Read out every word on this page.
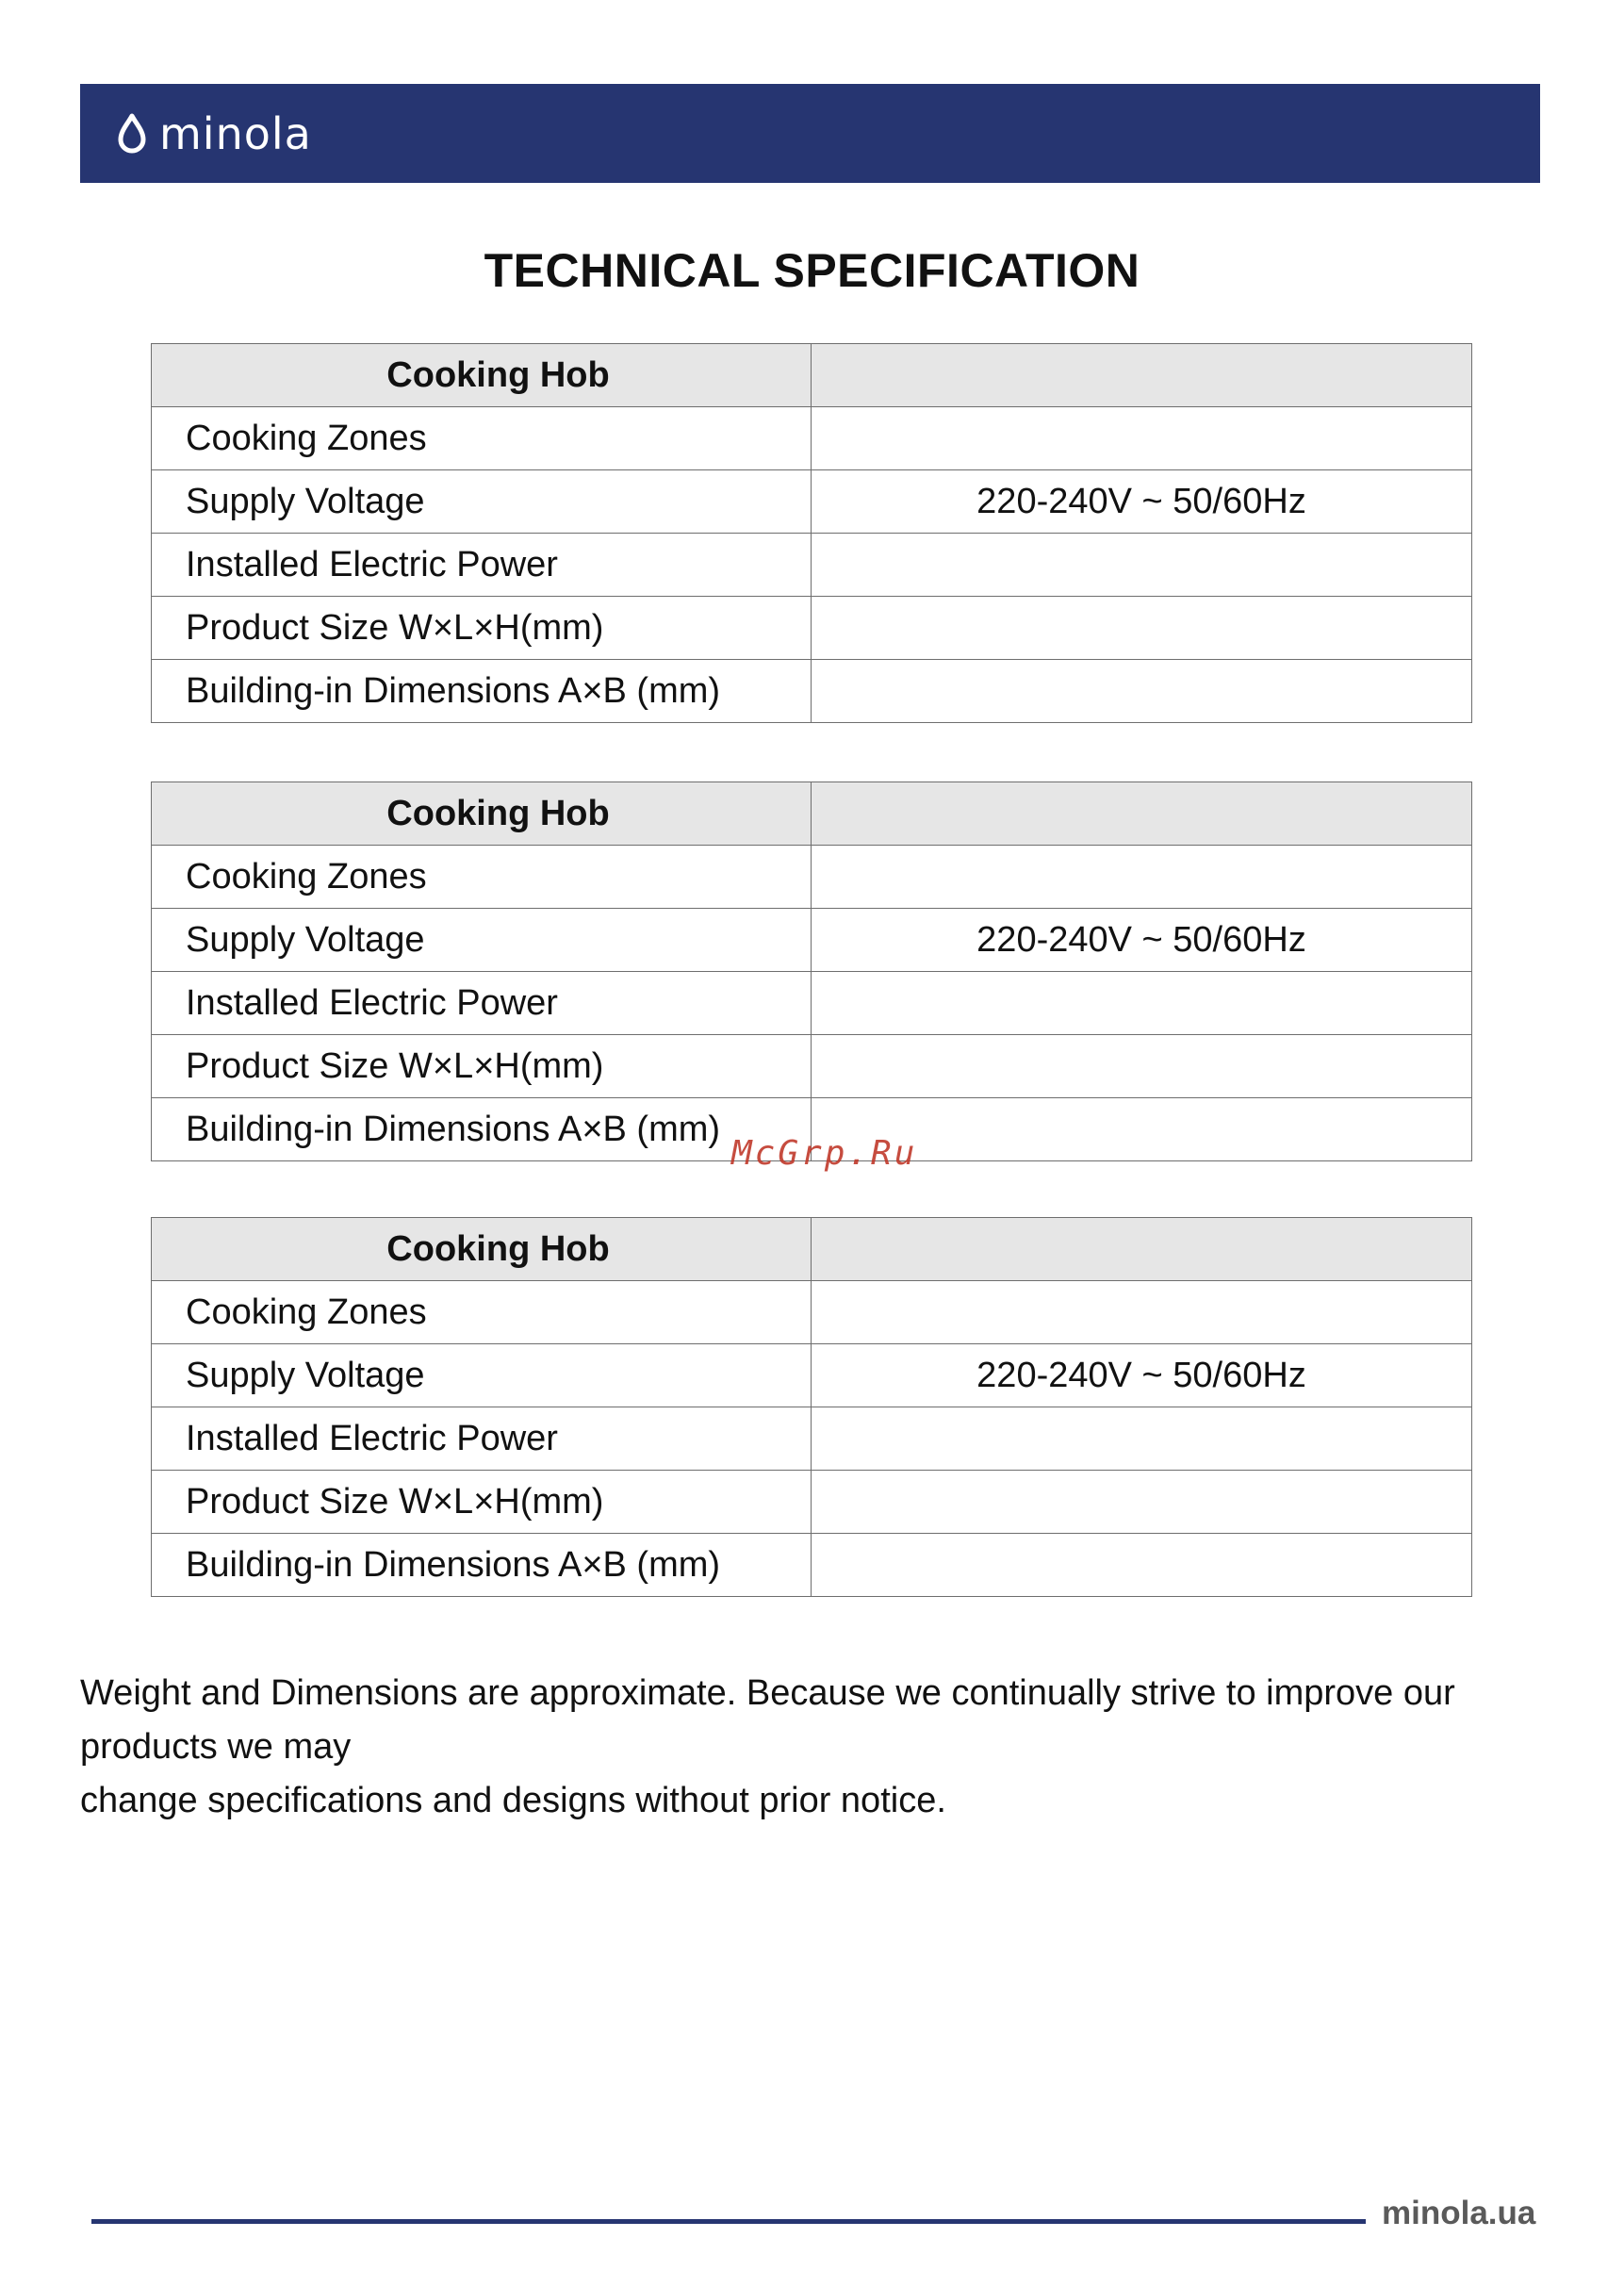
minola
TECHNICAL SPECIFICATION
Cooking Hob	
Cooking Zones	
Supply Voltage	220-240V ~ 50/60Hz
Installed Electric Power	
Product Size W×L×H(mm)	
Building-in Dimensions A×B (mm)	
Cooking Hob	
Cooking Zones	
Supply Voltage	220-240V ~ 50/60Hz
Installed Electric Power	
Product Size W×L×H(mm)	
Building-in Dimensions A×B (mm)	
Cooking Hob	
Cooking Zones	
Supply Voltage	220-240V ~ 50/60Hz
Installed Electric Power	
Product Size W×L×H(mm)	
Building-in Dimensions A×B (mm)	
McGrp.Ru

Weight and Dimensions are approximate. Because we continually strive to improve our products we may
change specifications and designs without prior notice.

minola.ua
